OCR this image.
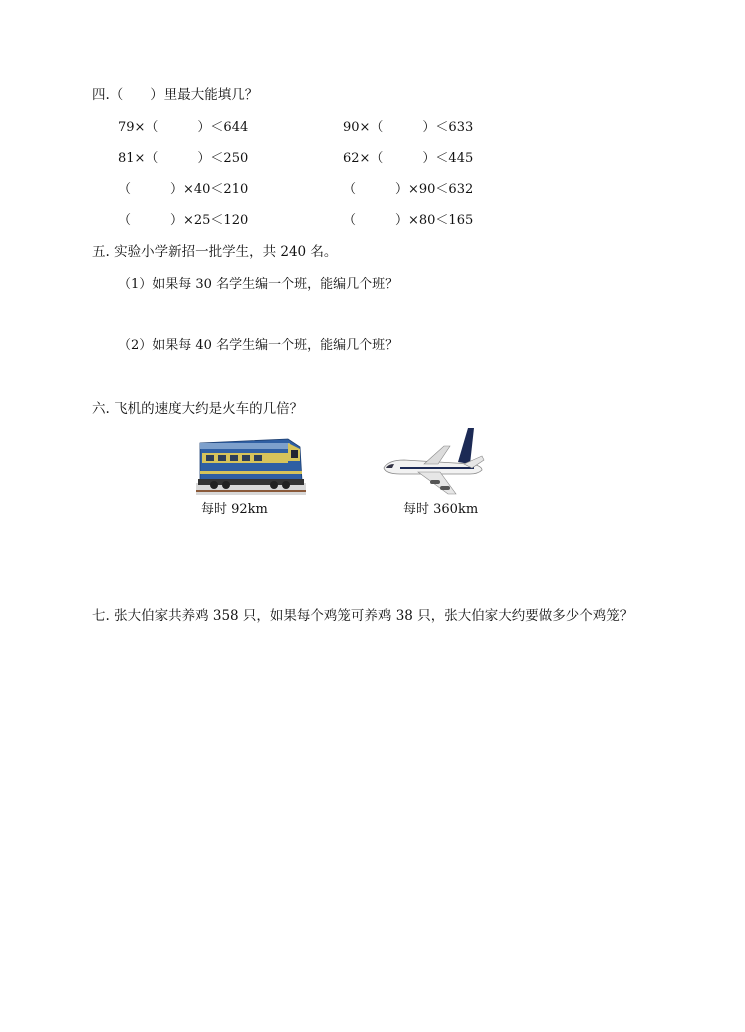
四.（　　）里最大能填几？
79×（　　　）＜644	90×（　　　）＜633
81×（　　　）＜250	62×（　　　）＜445
（　　　）×40＜210	（　　　）×90＜632
（　　　）×25＜120	（　　　）×80＜165
五. 实验小学新招一批学生，共 240 名。
（1）如果每 30 名学生编一个班，能编几个班？
（2）如果每 40 名学生编一个班，能编几个班？
六. 飞机的速度大约是火车的几倍？
每时 92km	每时 360km
七. 张大伯家共养鸡 358 只，如果每个鸡笼可养鸡 38 只，张大伯家大约要做多少个鸡笼？
